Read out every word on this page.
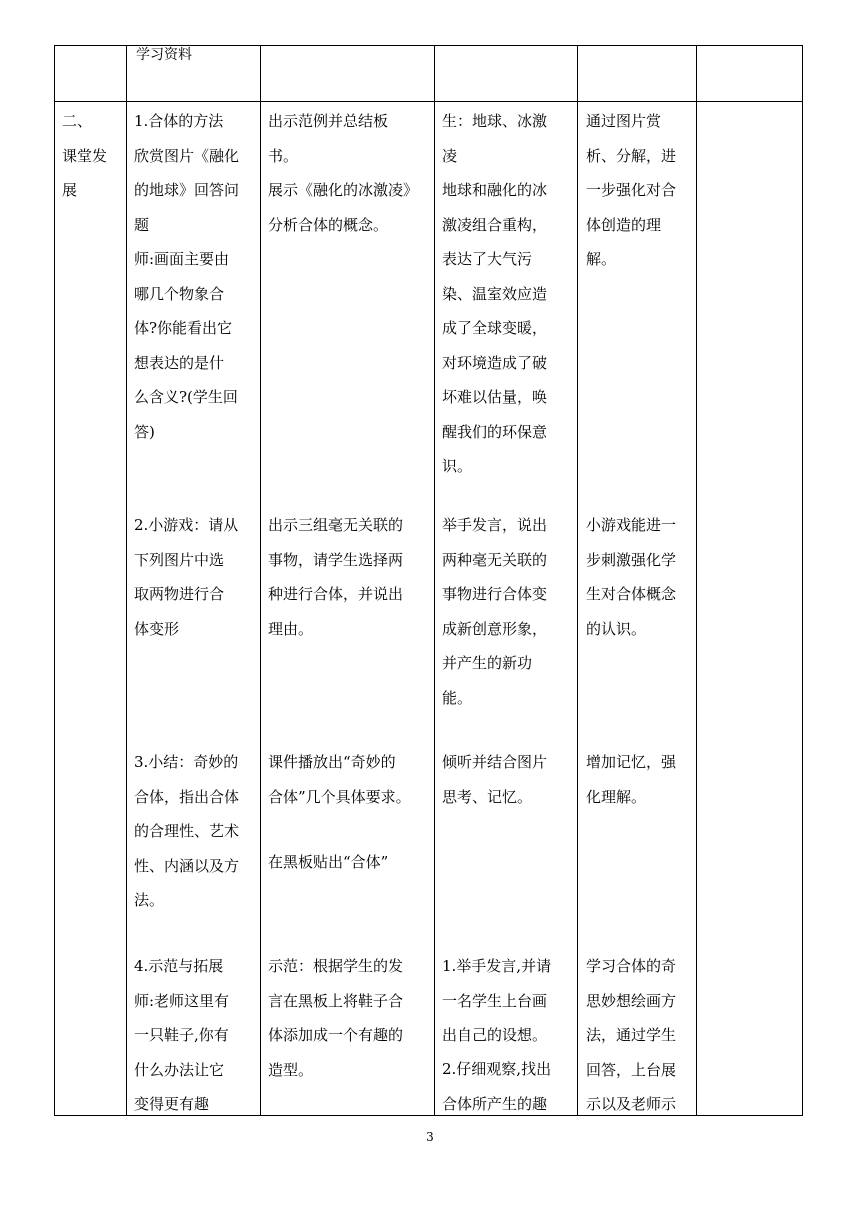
学习资料
二、
课堂发
展
1.合体的方法
欣赏图片《融化
的地球》回答问
题
师:画面主要由
哪几个物象合
体?你能看出它
想表达的是什
么含义?(学生回
答)
出示范例并总结板
书。
展示《融化的冰激凌》
分析合体的概念。
生：地球、冰激
凌
地球和融化的冰
激凌组合重构，
表达了大气污
染、温室效应造
成了全球变暖，
对环境造成了破
坏难以估量，唤
醒我们的环保意
识。
通过图片赏
析、分解，进
一步强化对合
体创造的理
解。
2.小游戏：请从
下列图片中选
取两物进行合
体变形
出示三组毫无关联的
事物，请学生选择两
种进行合体，并说出
理由。
举手发言，说出
两种毫无关联的
事物进行合体变
成新创意形象，
并产生的新功
能。
小游戏能进一
步刺激强化学
生对合体概念
的认识。
3.小结：奇妙的
合体，指出合体
的合理性、艺术
性、内涵以及方
法。
课件播放出“奇妙的
合体”几个具体要求。
在黑板贴出“合体”
倾听并结合图片
思考、记忆。
增加记忆，强
化理解。
4.示范与拓展
师:老师这里有
一只鞋子,你有
什么办法让它
变得更有趣
示范：根据学生的发
言在黑板上将鞋子合
体添加成一个有趣的
造型。
1.举手发言,并请
一名学生上台画
出自己的设想。
2.仔细观察,找出
合体所产生的趣
学习合体的奇
思妙想绘画方
法，通过学生
回答，上台展
示以及老师示
3
